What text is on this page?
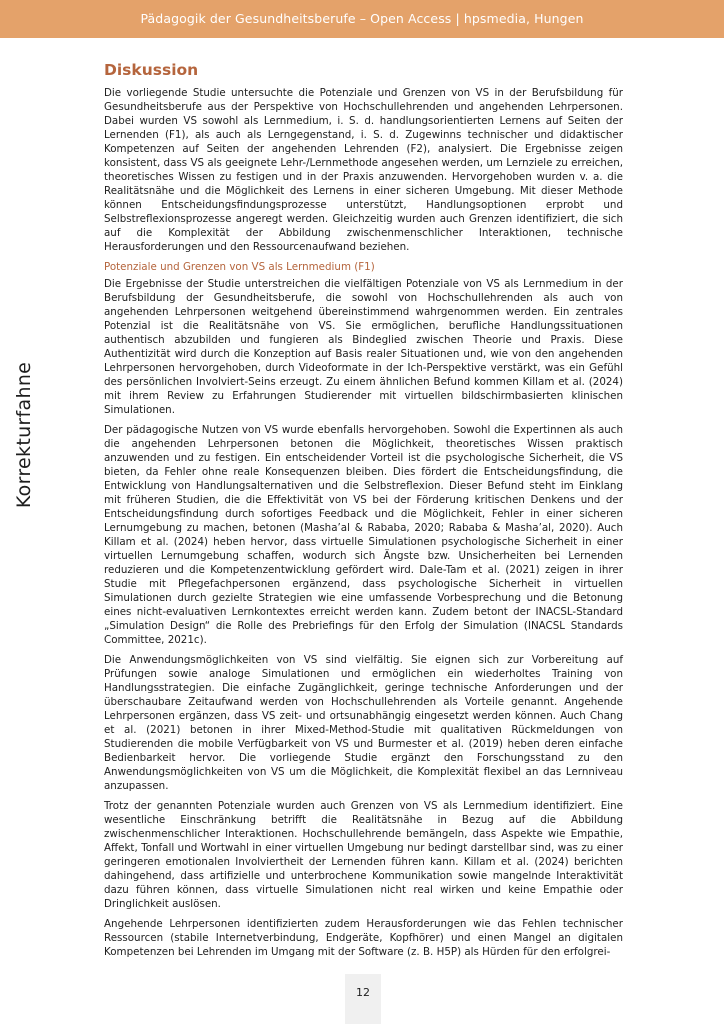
Pädagogik der Gesundheitsberufe – Open Access | hpsmedia, Hungen
Korrekturfahne
Diskussion

Die vorliegende Studie untersuchte die Potenziale und Grenzen von VS in der Berufsbildung für Gesundheitsberufe aus der Perspektive von Hochschullehrenden und angehenden Lehrpersonen. Dabei wurden VS sowohl als Lernmedium, i. S. d. handlungsorientierten Lernens auf Seiten der Lernenden (F1), als auch als Lerngegenstand, i. S. d. Zugewinns technischer und didaktischer Kompetenzen auf Seiten der angehenden Lehrenden (F2), analysiert. Die Ergebnisse zeigen konsistent, dass VS als geeignete Lehr-/Lernmethode angesehen werden, um Lernziele zu erreichen, theoretisches Wissen zu festigen und in der Praxis anzuwenden. Hervorgehoben wurden v. a. die Realitätsnähe und die Möglichkeit des Lernens in einer sicheren Umgebung. Mit dieser Methode können Entscheidungsfindungsprozesse unterstützt, Handlungsoptionen erprobt und Selbstreflexionsprozesse angeregt werden. Gleichzeitig wurden auch Grenzen identifiziert, die sich auf die Komplexität der Abbildung zwischenmenschlicher Interaktionen, technische Herausforderungen und den Ressourcenaufwand beziehen.

Potenziale und Grenzen von VS als Lernmedium (F1)

Die Ergebnisse der Studie unterstreichen die vielfältigen Potenziale von VS als Lernmedium in der Berufsbildung der Gesundheitsberufe, die sowohl von Hochschullehrenden als auch von angehenden Lehrpersonen weitgehend übereinstimmend wahrgenommen werden. Ein zentrales Potenzial ist die Realitätsnähe von VS. Sie ermöglichen, berufliche Handlungssituationen authentisch abzubilden und fungieren als Bindeglied zwischen Theorie und Praxis. Diese Authentizität wird durch die Konzeption auf Basis realer Situationen und, wie von den angehenden Lehrpersonen hervorgehoben, durch Videoformate in der Ich-Perspektive verstärkt, was ein Gefühl des persönlichen Involviert-Seins erzeugt. Zu einem ähnlichen Befund kommen Killam et al. (2024) mit ihrem Review zu Erfahrungen Studierender mit virtuellen bildschirmbasierten klinischen Simulationen.

Der pädagogische Nutzen von VS wurde ebenfalls hervorgehoben. Sowohl die Expertinnen als auch die angehenden Lehrpersonen betonen die Möglichkeit, theoretisches Wissen praktisch anzuwenden und zu festigen. Ein entscheidender Vorteil ist die psychologische Sicherheit, die VS bieten, da Fehler ohne reale Konsequenzen bleiben. Dies fördert die Entscheidungsfindung, die Entwicklung von Handlungsalternativen und die Selbstreflexion. Dieser Befund steht im Einklang mit früheren Studien, die die Effektivität von VS bei der Förderung kritischen Denkens und der Entscheidungsfindung durch sofortiges Feedback und die Möglichkeit, Fehler in einer sicheren Lernumgebung zu machen, betonen (Masha’al & Rababa, 2020; Rababa & Masha’al, 2020). Auch Killam et al. (2024) heben hervor, dass virtuelle Simulationen psychologische Sicherheit in einer virtuellen Lernumgebung schaffen, wodurch sich Ängste bzw. Unsicherheiten bei Lernenden reduzieren und die Kompetenzentwicklung gefördert wird. Dale-Tam et al. (2021) zeigen in ihrer Studie mit Pflegefachpersonen ergänzend, dass psychologische Sicherheit in virtuellen Simulationen durch gezielte Strategien wie eine umfassende Vorbesprechung und die Betonung eines nicht-evaluativen Lernkontextes erreicht werden kann. Zudem betont der INACSL-Standard „Simulation Design“ die Rolle des Prebriefings für den Erfolg der Simulation (INACSL Standards Committee, 2021c).

Die Anwendungsmöglichkeiten von VS sind vielfältig. Sie eignen sich zur Vorbereitung auf Prüfungen sowie analoge Simulationen und ermöglichen ein wiederholtes Training von Handlungsstrategien. Die einfache Zugänglichkeit, geringe technische Anforderungen und der überschaubare Zeitaufwand werden von Hochschullehrenden als Vorteile genannt. Angehende Lehrpersonen ergänzen, dass VS zeit- und ortsunabhängig eingesetzt werden können. Auch Chang et al. (2021) betonen in ihrer Mixed-Method-Studie mit qualitativen Rückmeldungen von Studierenden die mobile Verfügbarkeit von VS und Burmester et al. (2019) heben deren einfache Bedienbarkeit hervor. Die vorliegende Studie ergänzt den Forschungsstand zu den Anwendungsmöglichkeiten von VS um die Möglichkeit, die Komplexität flexibel an das Lernniveau anzupassen.

Trotz der genannten Potenziale wurden auch Grenzen von VS als Lernmedium identifiziert. Eine wesentliche Einschränkung betrifft die Realitätsnähe in Bezug auf die Abbildung zwischenmenschlicher Interaktionen. Hochschullehrende bemängeln, dass Aspekte wie Empathie, Affekt, Tonfall und Wortwahl in einer virtuellen Umgebung nur bedingt darstellbar sind, was zu einer geringeren emotionalen Involviertheit der Lernenden führen kann. Killam et al. (2024) berichten dahingehend, dass artifizielle und unterbrochene Kommunikation sowie mangelnde Interaktivität dazu führen können, dass virtuelle Simulationen nicht real wirken und keine Empathie oder Dringlichkeit auslösen.

Angehende Lehrpersonen identifizierten zudem Herausforderungen wie das Fehlen technischer Ressourcen (stabile Internetverbindung, Endgeräte, Kopfhörer) und einen Mangel an digitalen Kompetenzen bei Lehrenden im Umgang mit der Software (z. B. H5P) als Hürden für den erfolgrei-

12
